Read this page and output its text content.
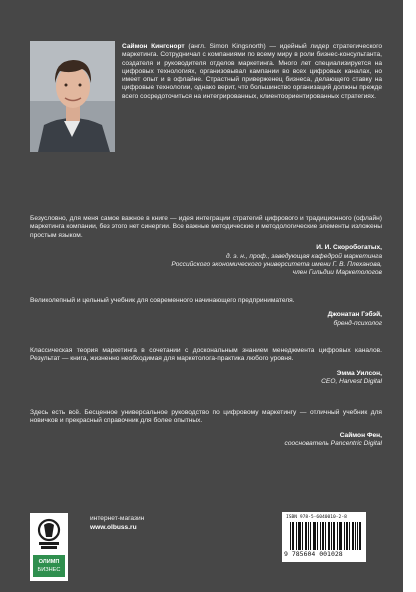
Саймон Кингснорт (англ. Simon Kingsnorth) — идейный лидер стратегического маркетинга. Сотрудничал с компаниями по всему миру в роли бизнес-консультанта, создателя и руководителя отделов маркетинга. Много лет специализируется на цифровых технологиях, организовывал кампании во всех цифровых каналах, но имеет опыт и в офлайне. Страстный приверженец бизнеса, делающего ставку на цифровые технологии, однако верит, что большинство организаций должны прежде всего сосредоточиться на интегрированных, клиентоориентированных стратегиях.

Безусловно, для меня самое важное в книге — идея интеграции стратегий цифрового и традиционного (офлайн) маркетинга компании, без этого нет синергии. Все важные методические и методологические элементы изложены простым языком.

И. И. Скоробогатых,
д. э. н., проф., заведующая кафедрой маркетинга
Российского экономического университета имени Г. В. Плеханова,
член Гильдии Маркетологов

Великолепный и цельный учебник для современного начинающего предпринимателя.

Джонатан Гэбэй,
бренд-психолог

Классическая теория маркетинга в сочетании с доскональным знанием менеджмента цифровых каналов. Результат — книга, жизненно необходимая для маркетолога-практика любого уровня.

Эмма Уилсон,
CEO, Harvest Digital

Здесь есть всё. Бесценное универсальное руководство по цифровому маркетингу — отличный учебник для новичков и прекрасный справочник для более опытных.

Саймон Фен,
сооснователь Pancentric Digital
ОЛИМП
БИЗНЕС
интернет-магазин
www.olbuss.ru
ISBN 978-5-6040010-2-8
9 785604 001028
